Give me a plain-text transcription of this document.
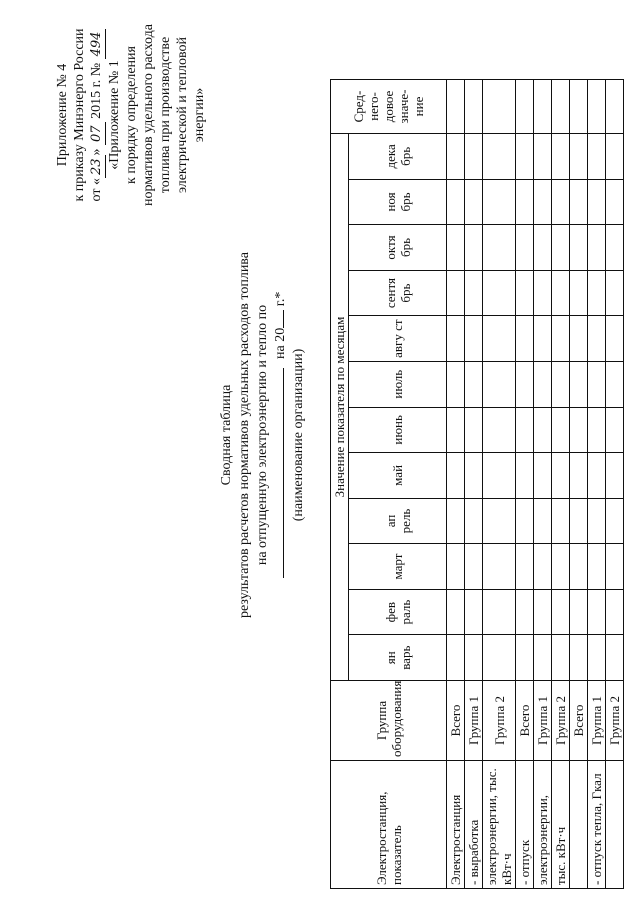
Приложение № 4 к приказу Минэнерго России от «23» 07 2015 г. № 494
«Приложение № 1 к порядку определения нормативов удельного расхода топлива при производстве электрической и тепловой энергии»
Сводная таблица результатов расчетов нормативов удельных расходов топлива на отпущенную электроэнергию и тепло по на 20 г.*
(наименование организации)
Электростанция, показатель	Группа оборудования	Значение показателя по месяцам												Сред-него-довое значе-ние
		ян варь	фев раль	март	ап рель	май	июнь	июль	авгу ст	сентя брь	октя брь	ноя брь	дека брь	
Электростанция	Всего													
- выработка	Группа 1													
электроэнергии, тыс. кВт·ч	Группа 2													
- отпуск	Всего													
электроэнергии,	Группа 1													
тыс. кВт·ч	Группа 2													
	Всего													
- отпуск тепла, Гкал	Группа 1													
	Группа 2													
